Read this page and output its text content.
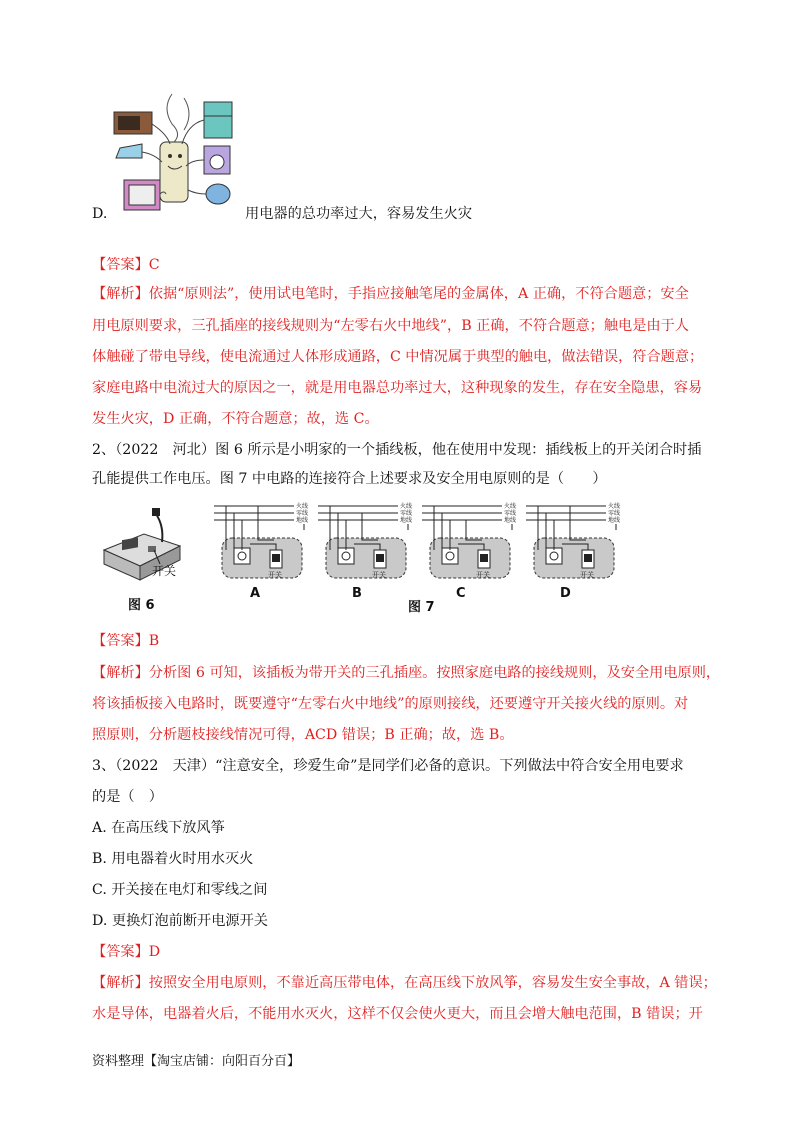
D.	用电器的总功率过大，容易发生火灾
【答案】C
【解析】依据“原则法”，使用试电笔时，手指应接触笔尾的金属体，A 正确，不符合题意；安全
用电原则要求，三孔插座的接线规则为“左零右火中地线”，B 正确，不符合题意；触电是由于人
体触碰了带电导线，使电流通过人体形成通路，C 中情况属于典型的触电，做法错误，符合题意；
家庭电路中电流过大的原因之一，就是用电器总功率过大，这种现象的发生，存在安全隐患，容易
发生火灾，D 正确，不符合题意；故，选 C。
2、（2022　河北）图 6 所示是小明家的一个插线板，他在使用中发现：插线板上的开关闭合时插
孔能提供工作电压。图 7 中电路的连接符合上述要求及安全用电原则的是（　　）
开关
图 6
火线
零线
地线
开关
火线
零线
地线
开关
火线
零线
地线
开关
火线
零线
地线
开关
图 7
A	B	C	D
【答案】B
【解析】分析图 6 可知，该插板为带开关的三孔插座。按照家庭电路的接线规则，及安全用电原则，
将该插板接入电路时，既要遵守“左零右火中地线”的原则接线，还要遵守开关接火线的原则。对
照原则，分析题枝接线情况可得，ACD 错误；B 正确；故，选 B。
3、（2022　天津）“注意安全，珍爱生命”是同学们必备的意识。下列做法中符合安全用电要求
的是（　）
A. 在高压线下放风筝
B. 用电器着火时用水灭火
C. 开关接在电灯和零线之间
D. 更换灯泡前断开电源开关
【答案】D
【解析】按照安全用电原则，不靠近高压带电体，在高压线下放风筝，容易发生安全事故，A 错误；
水是导体，电器着火后，不能用水灭火，这样不仅会使火更大，而且会增大触电范围，B 错误；开
资料整理【淘宝店铺：向阳百分百】
